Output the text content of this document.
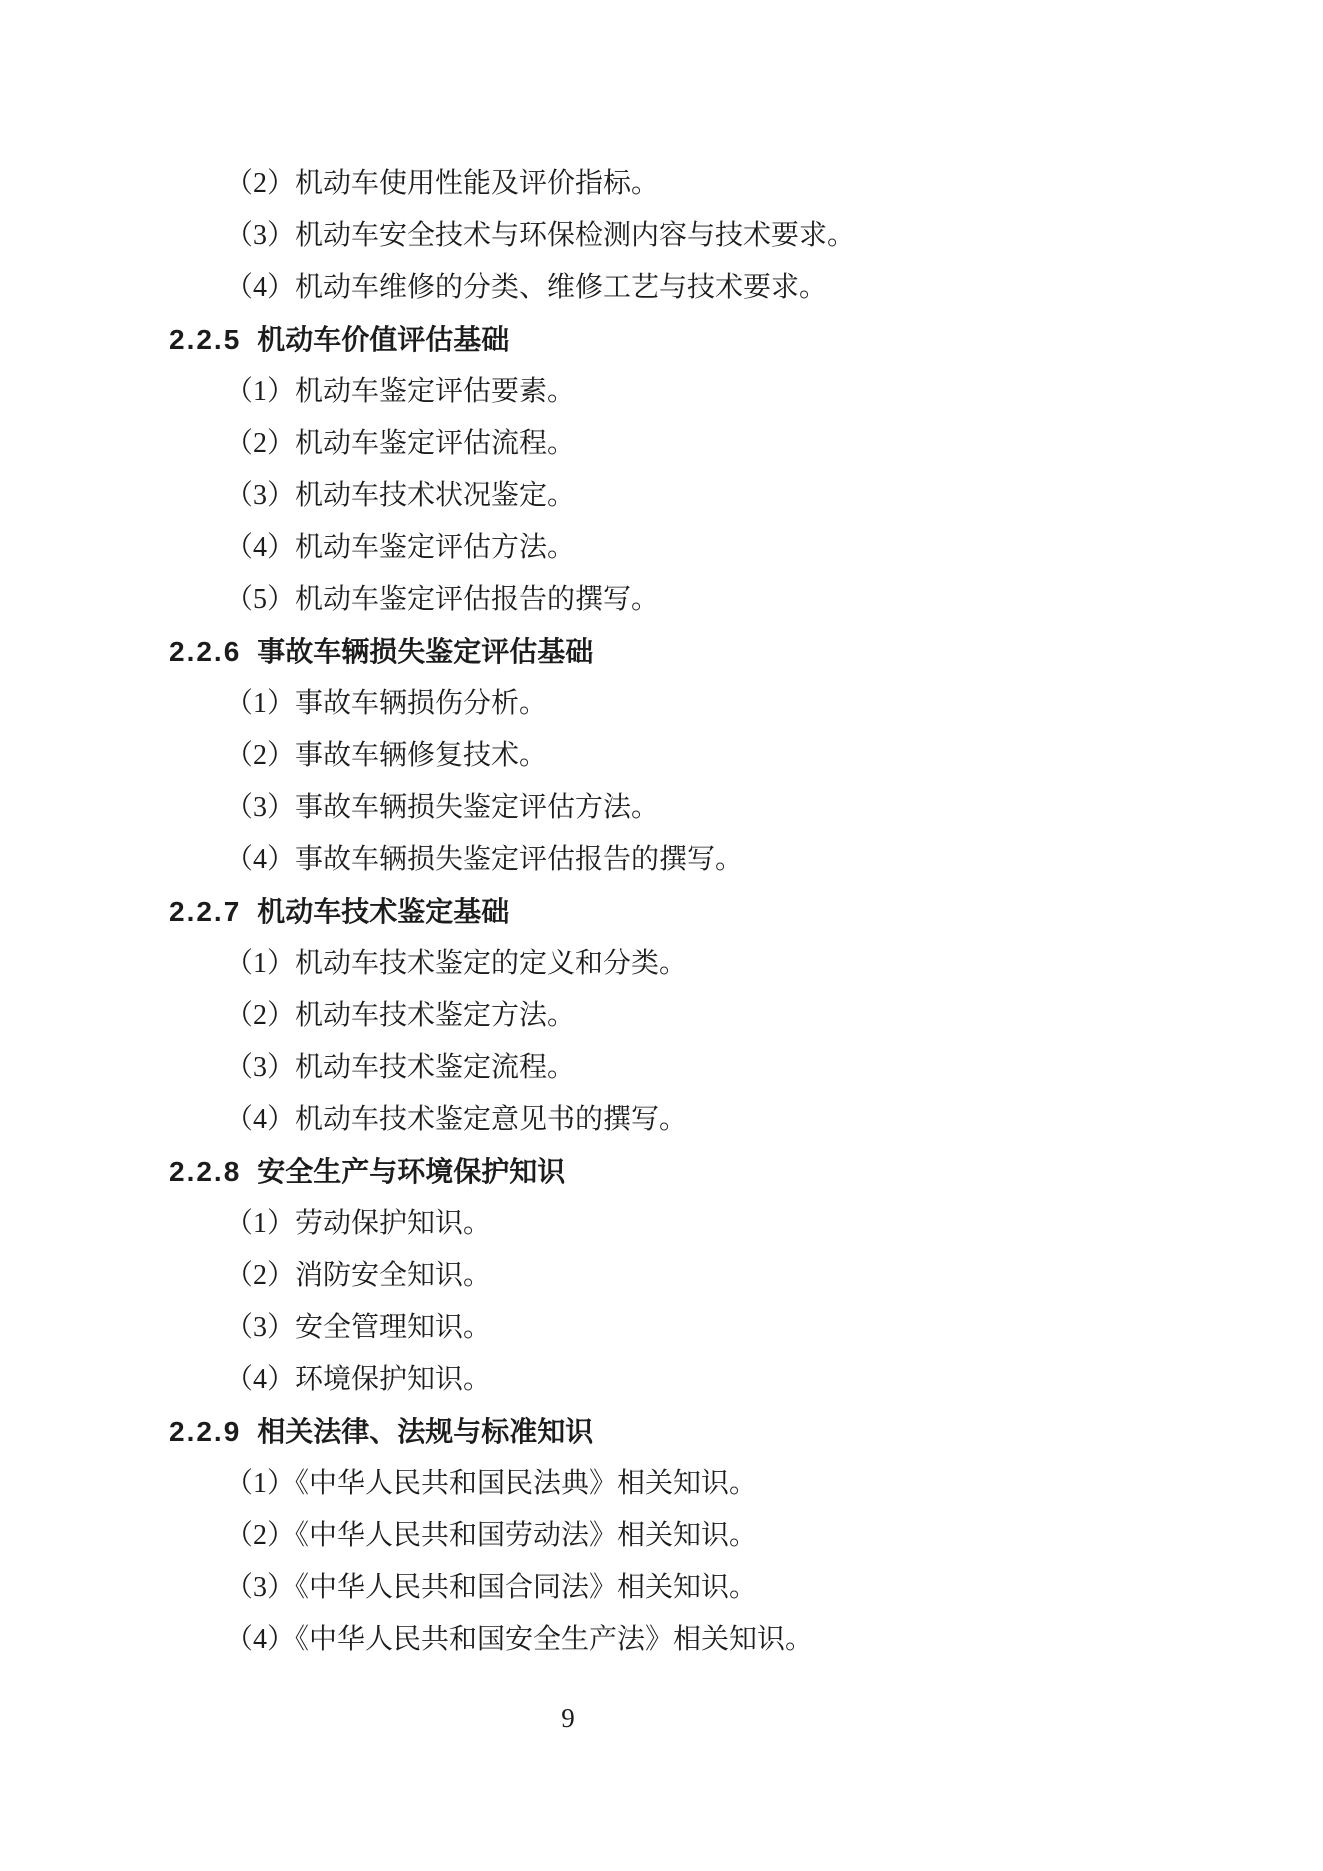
（2）机动车使用性能及评价指标。

（3）机动车安全技术与环保检测内容与技术要求。

（4）机动车维修的分类、维修工艺与技术要求。

2.2.5 机动车价值评估基础

（1）机动车鉴定评估要素。

（2）机动车鉴定评估流程。

（3）机动车技术状况鉴定。

（4）机动车鉴定评估方法。

（5）机动车鉴定评估报告的撰写。

2.2.6 事故车辆损失鉴定评估基础

（1）事故车辆损伤分析。

（2）事故车辆修复技术。

（3）事故车辆损失鉴定评估方法。

（4）事故车辆损失鉴定评估报告的撰写。

2.2.7 机动车技术鉴定基础

（1）机动车技术鉴定的定义和分类。

（2）机动车技术鉴定方法。

（3）机动车技术鉴定流程。

（4）机动车技术鉴定意见书的撰写。

2.2.8 安全生产与环境保护知识

（1）劳动保护知识。

（2）消防安全知识。

（3）安全管理知识。

（4）环境保护知识。

2.2.9 相关法律、法规与标准知识

（1）《中华人民共和国民法典》相关知识。

（2）《中华人民共和国劳动法》相关知识。

（3）《中华人民共和国合同法》相关知识。

（4）《中华人民共和国安全生产法》相关知识。

9
